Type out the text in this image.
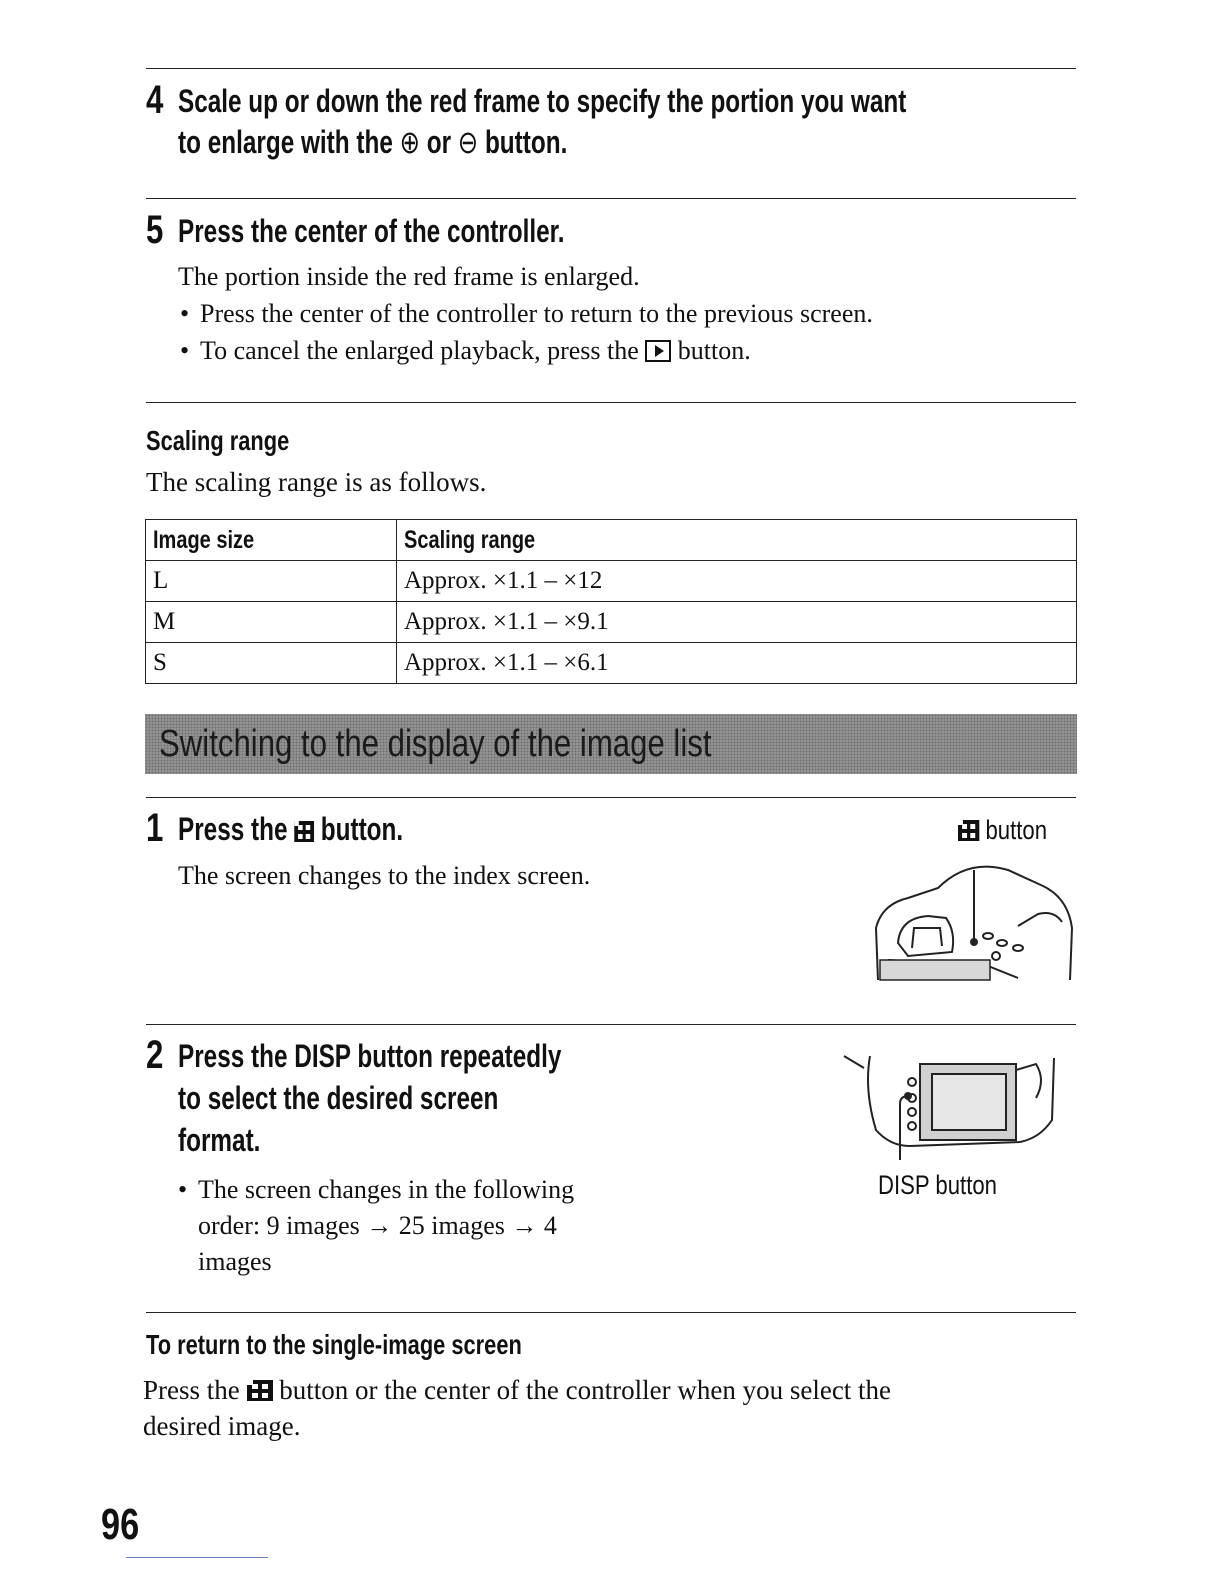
4 Scale up or down the red frame to specify the portion you want
to enlarge with the ⊕ or ⊖ button.
5 Press the center of the controller.
The portion inside the red frame is enlarged.
• Press the center of the controller to return to the previous screen.
• To cancel the enlarged playback, press the button.
Scaling range
The scaling range is as follows.
Image size	Scaling range
L	Approx. ×1.1 – ×12
M	Approx. ×1.1 – ×9.1
S	Approx. ×1.1 – ×6.1
Switching to the display of the image list
1 Press the button.
The screen changes to the index screen.
button
2 Press the DISP button repeatedly
to select the desired screen
format.
• The screen changes in the following
order: 9 images → 25 images → 4
images
DISP button
To return to the single-image screen
Press the button or the center of the controller when you select the
desired image.
96
